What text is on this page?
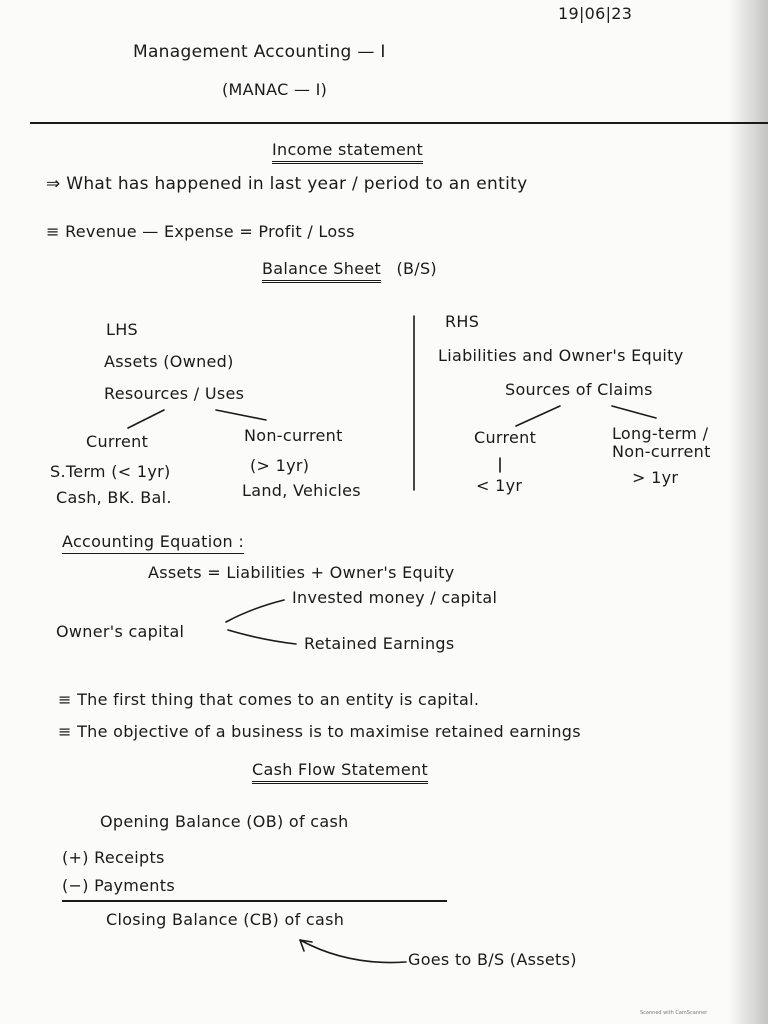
19|06|23
Management Accounting — I
(MANAC — I)
Income statement
⇒ What has happened in last year / period to an entity
≡ Revenue — Expense = Profit / Loss
Balance Sheet (B/S)
LHS
Assets (Owned)
Resources / Uses
Current	Non-current
S.Term (< 1yr)	(> 1yr)
Cash, BK. Bal.	Land, Vehicles
RHS
Liabilities and Owner's Equity
Sources of Claims
Current
< 1yr
Long-term /
Non-current
> 1yr
Accounting Equation :
Assets = Liabilities + Owner's Equity
Invested money / capital
Owner's capital
Retained Earnings
≡ The first thing that comes to an entity is capital.
≡ The objective of a business is to maximise retained earnings
Cash Flow Statement
Opening Balance (OB) of cash
(+) Receipts
(−) Payments
Closing Balance (CB) of cash
Goes to B/S (Assets)
Scanned with CamScanner
